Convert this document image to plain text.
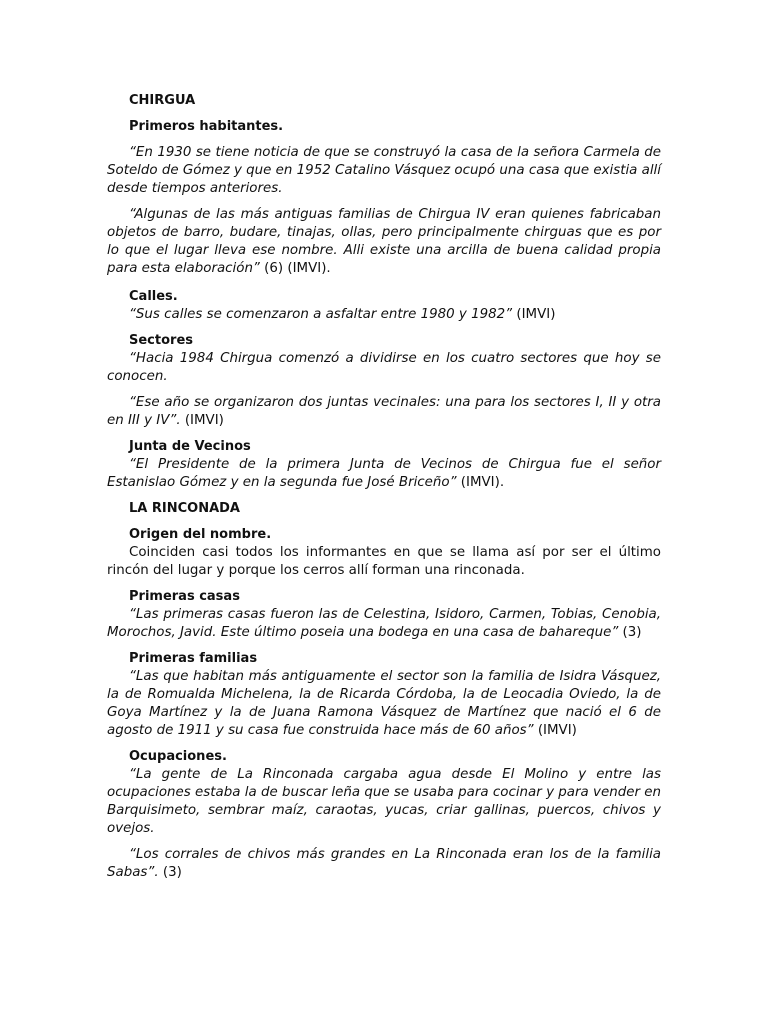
CHIRGUA

Primeros habitantes.

“En 1930 se tiene noticia de que se construyó la casa de la señora Carmela de Soteldo de Gómez y que en 1952 Catalino Vásquez ocupó una casa que existia allí desde tiempos anteriores.

“Algunas de las más antiguas familias de Chirgua IV eran quienes fabricaban objetos de barro, budare, tinajas, ollas, pero principalmente chirguas que es por lo que el lugar lleva ese nombre. Alli existe una arcilla de buena calidad propia para esta elaboración” (6) (IMVI).

Calles.

“Sus calles se comenzaron a asfaltar entre 1980 y 1982” (IMVI)

Sectores

“Hacia 1984 Chirgua comenzó a dividirse en los cuatro sectores que hoy se conocen.

“Ese año se organizaron dos juntas vecinales: una para los sectores I, II y otra en III y IV”. (IMVI)

Junta de Vecinos

“El Presidente de la primera Junta de Vecinos de Chirgua fue el señor Estanislao Gómez y en la segunda fue José Briceño” (IMVI).

LA RINCONADA

Origen del nombre.

Coinciden casi todos los informantes en que se llama así por ser el último rincón del lugar y porque los cerros allí forman una rinconada.

Primeras casas

“Las primeras casas fueron las de Celestina, Isidoro, Carmen, Tobias, Cenobia, Morochos, Javid. Este último poseia una bodega en una casa de bahareque” (3)

Primeras familias

“Las que habitan más antiguamente el sector son la familia de Isidra Vásquez, la de Romualda Michelena, la de Ricarda Córdoba, la de Leocadia Oviedo, la de Goya Martínez y la de Juana Ramona Vásquez de Martínez que nació el 6 de agosto de 1911 y su casa fue construida hace más de 60 años” (IMVI)

Ocupaciones.

“La gente de La Rinconada cargaba agua desde El Molino y entre las ocupaciones estaba la de buscar leña que se usaba para cocinar y para vender en Barquisimeto, sembrar maíz, caraotas, yucas, criar gallinas, puercos, chivos y ovejos.

“Los corrales de chivos más grandes en La Rinconada eran los de la familia Sabas”. (3)
